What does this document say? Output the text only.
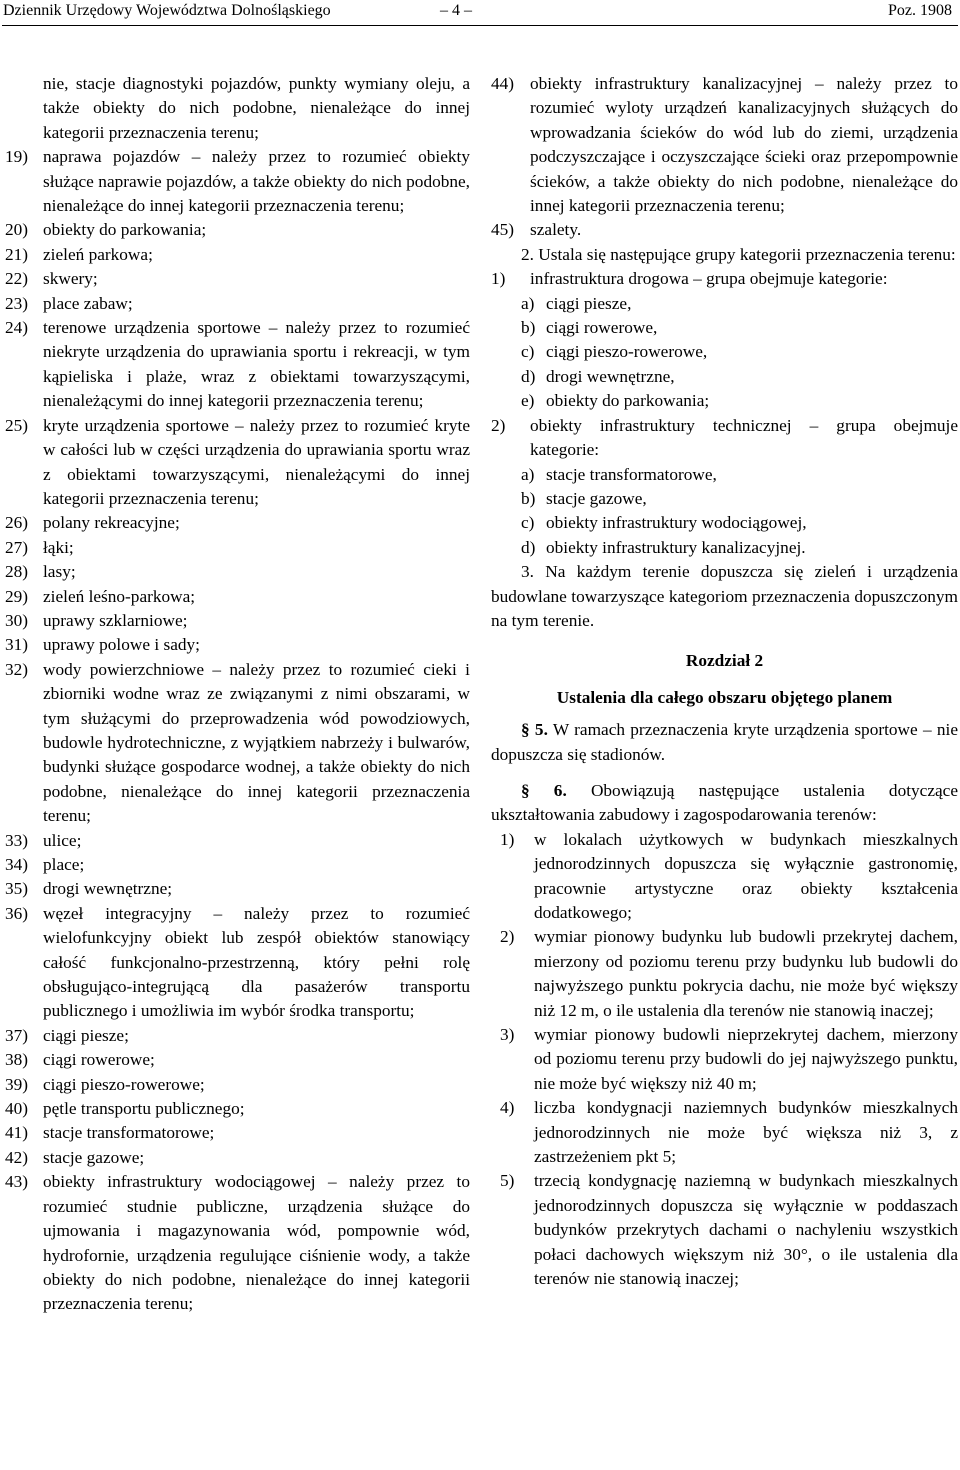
Dziennik Urzędowy Województwa Dolnośląskiego	– 4 –	Poz. 1908
nie, stacje diagnostyki pojazdów, punkty wymiany oleju, a także obiekty do nich podobne, nienależące do innej kategorii przeznaczenia terenu;
19) naprawa pojazdów – należy przez to rozumieć obiekty służące naprawie pojazdów, a także obiekty do nich podobne, nienależące do innej kategorii przeznaczenia terenu;
20) obiekty do parkowania;
21) zieleń parkowa;
22) skwery;
23) place zabaw;
24) terenowe urządzenia sportowe – należy przez to rozumieć niekryte urządzenia do uprawiania sportu i rekreacji, w tym kąpieliska i plaże, wraz z obiektami towarzyszącymi, nienależącymi do innej kategorii przeznaczenia terenu;
25) kryte urządzenia sportowe – należy przez to rozumieć kryte w całości lub w części urządzenia do uprawiania sportu wraz z obiektami towarzyszącymi, nienależącymi do innej kategorii przeznaczenia terenu;
26) polany rekreacyjne;
27) łąki;
28) lasy;
29) zieleń leśno-parkowa;
30) uprawy szklarniowe;
31) uprawy polowe i sady;
32) wody powierzchniowe – należy przez to rozumieć cieki i zbiorniki wodne wraz ze związanymi z nimi obszarami, w tym służącymi do przeprowadzenia wód powodziowych, budowle hydrotechniczne, z wyjątkiem nabrzeży i bulwarów, budynki służące gospodarce wodnej, a także obiekty do nich podobne, nienależące do innej kategorii przeznaczenia terenu;
33) ulice;
34) place;
35) drogi wewnętrzne;
36) węzeł integracyjny – należy przez to rozumieć wielofunkcyjny obiekt lub zespół obiektów stanowiący całość funkcjonalno-przestrzenną, który pełni rolę obsługująco-integrującą dla pasażerów transportu publicznego i umożliwia im wybór środka transportu;
37) ciągi piesze;
38) ciągi rowerowe;
39) ciągi pieszo-rowerowe;
40) pętle transportu publicznego;
41) stacje transformatorowe;
42) stacje gazowe;
43) obiekty infrastruktury wodociągowej – należy przez to rozumieć studnie publiczne, urządzenia służące do ujmowania i magazynowania wód, pompownie wód, hydrofornie, urządzenia regulujące ciśnienie wody, a także obiekty do nich podobne, nienależące do innej kategorii przeznaczenia terenu;
44) obiekty infrastruktury kanalizacyjnej – należy przez to rozumieć wyloty urządzeń kanalizacyjnych służących do wprowadzania ścieków do wód lub do ziemi, urządzenia podczyszczające i oczyszczające ścieki oraz przepompownie ścieków, a także obiekty do nich podobne, nienależące do innej kategorii przeznaczenia terenu;
45) szalety.
2. Ustala się następujące grupy kategorii przeznaczenia terenu:
1) infrastruktura drogowa – grupa obejmuje kategorie:
a) ciągi piesze,
b) ciągi rowerowe,
c) ciągi pieszo-rowerowe,
d) drogi wewnętrzne,
e) obiekty do parkowania;
2) obiekty infrastruktury technicznej – grupa obejmuje kategorie:
a) stacje transformatorowe,
b) stacje gazowe,
c) obiekty infrastruktury wodociągowej,
d) obiekty infrastruktury kanalizacyjnej.
3. Na każdym terenie dopuszcza się zieleń i urządzenia budowlane towarzyszące kategoriom przeznaczenia dopuszczonym na tym terenie.
Rozdział 2
Ustalenia dla całego obszaru objętego planem
§ 5. W ramach przeznaczenia kryte urządzenia sportowe – nie dopuszcza się stadionów.
§ 6. Obowiązują następujące ustalenia dotyczące ukształtowania zabudowy i zagospodarowania terenów:
1) w lokalach użytkowych w budynkach mieszkalnych jednorodzinnych dopuszcza się wyłącznie gastronomię, pracownie artystyczne oraz obiekty kształcenia dodatkowego;
2) wymiar pionowy budynku lub budowli przekrytej dachem, mierzony od poziomu terenu przy budynku lub budowli do najwyższego punktu pokrycia dachu, nie może być większy niż 12 m, o ile ustalenia dla terenów nie stanowią inaczej;
3) wymiar pionowy budowli nieprzekrytej dachem, mierzony od poziomu terenu przy budowli do jej najwyższego punktu, nie może być większy niż 40 m;
4) liczba kondygnacji naziemnych budynków mieszkalnych jednorodzinnych nie może być większa niż 3, z zastrzeżeniem pkt 5;
5) trzecią kondygnację naziemną w budynkach mieszkalnych jednorodzinnych dopuszcza się wyłącznie w poddaszach budynków przekrytych dachami o nachyleniu wszystkich połaci dachowych większym niż 30°, o ile ustalenia dla terenów nie stanowią inaczej;
